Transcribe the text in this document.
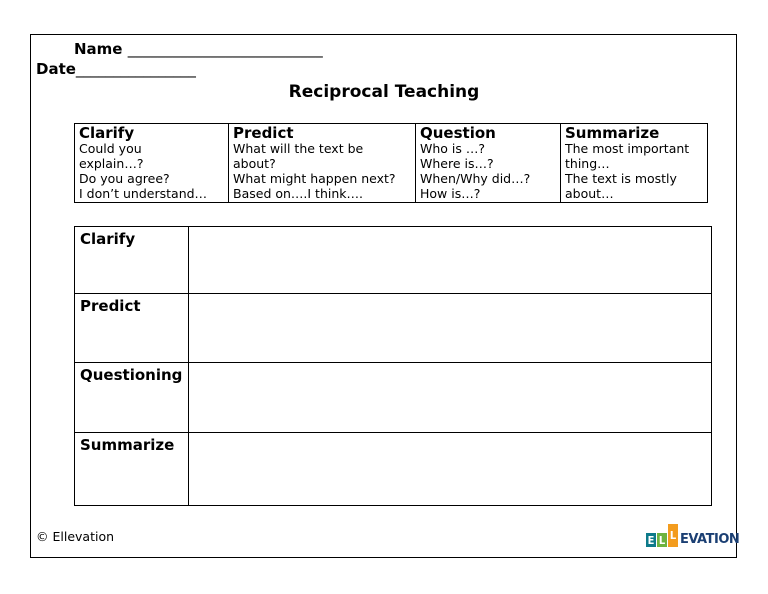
Name __________________________
Date________________
Reciprocal Teaching
Clarify
Could you
explain…?
Do you agree?
I don’t understand…

Predict
What will the text be
about?
What might happen next?
Based on….I think….

Question
Who is …?
Where is…?
When/Why did…?
How is…?

Summarize
The most important
thing…
The text is mostly
about…
Clarify	
Predict	
Questioning	
Summarize	
© Ellevation	E L L EVATION
